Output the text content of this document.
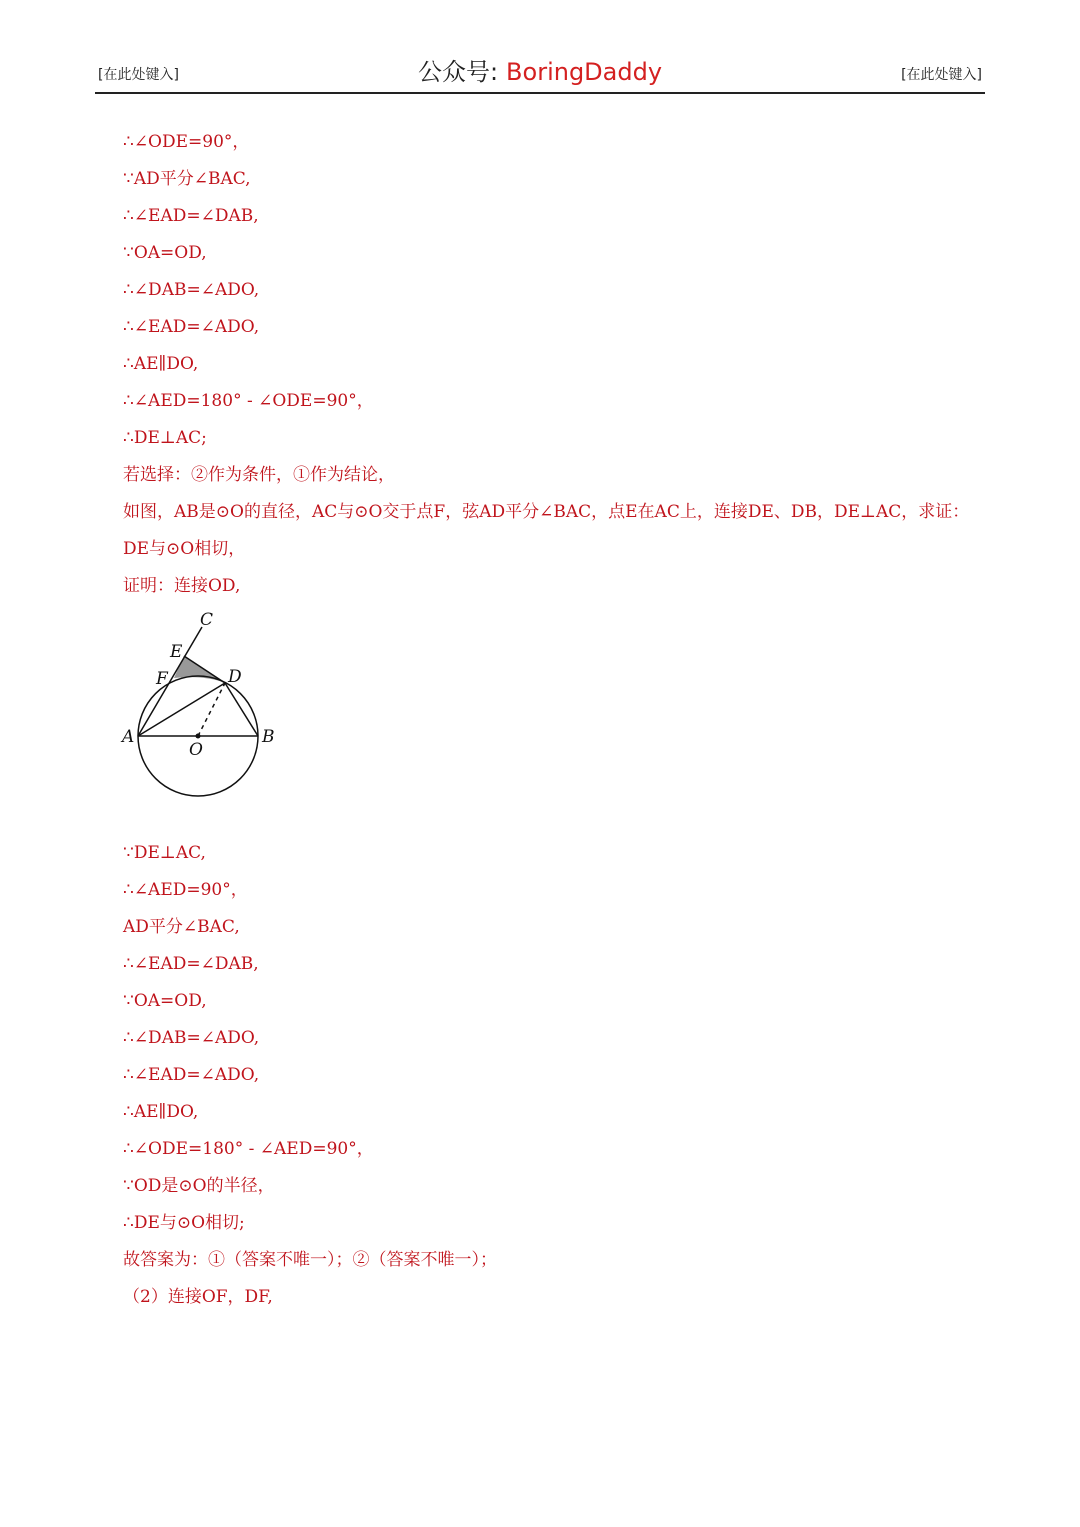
[在此处键入]	公众号: BoringDaddy	[在此处键入]
∴∠ODE=90°，
∵AD平分∠BAC,
∴∠EAD=∠DAB,
∵OA=OD,
∴∠DAB=∠ADO,
∴∠EAD=∠ADO,
∴AE∥DO,
∴∠AED=180° - ∠ODE=90°，
∴DE⊥AC;
若选择：②作为条件，①作为结论，
如图，AB是⊙O的直径，AC与⊙O交于点F，弦AD平分∠BAC，点E在AC上，连接DE、DB，DE⊥AC，求证：DE与⊙O相切，
证明：连接OD,
∵DE⊥AC,
∴∠AED=90°，
AD平分∠BAC,
∴∠EAD=∠DAB,
∵OA=OD,
∴∠DAB=∠ADO,
∴∠EAD=∠ADO,
∴AE∥DO,
∴∠ODE=180° - ∠AED=90°，
∵OD是⊙O的半径，
∴DE与⊙O相切;
故答案为：①（答案不唯一）；②（答案不唯一）；
（2）连接OF，DF,
C
E
F	D
A	B
O
